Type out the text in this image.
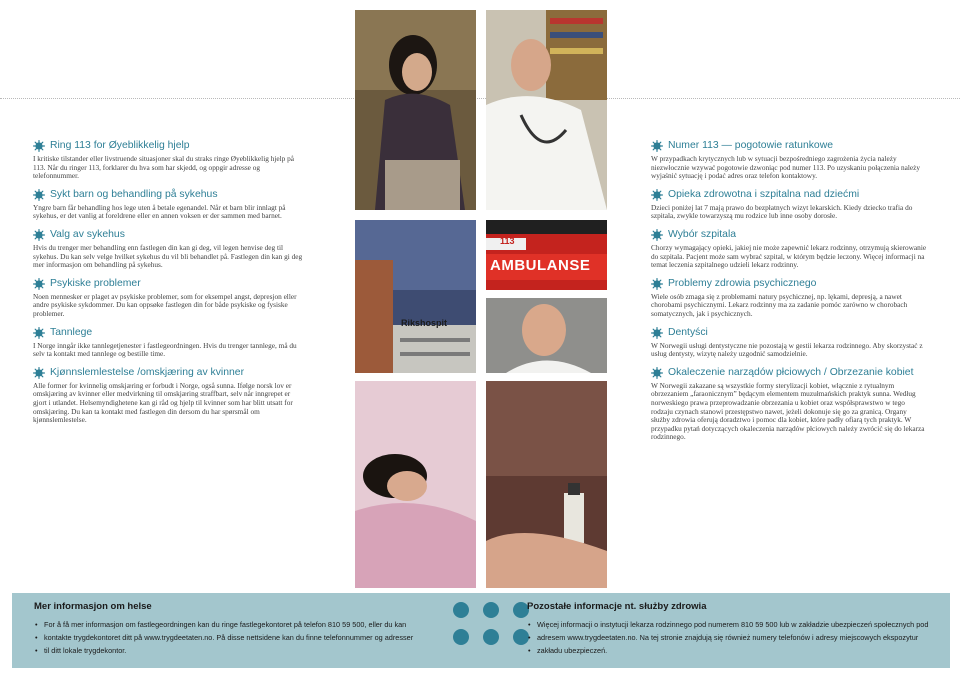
Ring 113 for Øyeblikkelig hjelp

I kritiske tilstander eller livstruende situasjoner skal du straks ringe Øyeblikkelig hjelp på 113. Når du ringer 113, forklarer du hva som har skjedd, og oppgir adresse og telefonnummer.

Sykt barn og behandling på sykehus

Yngre barn får behandling hos lege uten å betale egenandel. Når et barn blir innlagt på sykehus, er det vanlig at foreldrene eller en annen voksen er der sammen med barnet.

Valg av sykehus

Hvis du trenger mer behandling enn fastlegen din kan gi deg, vil legen henvise deg til sykehus. Du kan selv velge hvilket sykehus du vil bli behandlet på. Fastlegen din kan gi deg mer informasjon om behandling på sykehus.

Psykiske problemer

Noen mennesker er plaget av psykiske problemer, som for eksempel angst, depresjon eller andre psykiske sykdommer. Du kan oppsøke fastlegen din for både psykiske og fysiske problemer.

Tannlege

I Norge inngår ikke tannlegetjenester i fastlegeordningen. Hvis du trenger tannlege, må du selv ta kontakt med tannlege og bestille time.

Kjønnslemlestelse /omskjæring av kvinner

Alle former for kvinnelig omskjæring er forbudt i Norge, også sunna. Ifølge norsk lov er omskjæring av kvinner eller medvirkning til omskjæring straffbart, selv når inngrepet er gjort i utlandet. Helsemyndighetene kan gi råd og hjelp til kvinner som har blitt utsatt for omskjæring. Du kan ta kontakt med fastlegen din dersom du har spørsmål om kjønnslemlestelse.

Numer 113 — pogotowie ratunkowe

W przypadkach krytycznych lub w sytuacji bezpośredniego zagrożenia życia należy niezwłocznie wzywać pogotowie dzwoniąc pod numer 113. Po uzyskaniu połączenia należy wyjaśnić sytuację i podać adres oraz telefon kontaktowy.

Opieka zdrowotna i szpitalna nad dziećmi

Dzieci poniżej lat 7 mają prawo do bezpłatnych wizyt lekarskich. Kiedy dziecko trafia do szpitala, zwykle towarzyszą mu rodzice lub inne osoby dorosłe.

Wybór szpitala

Chorzy wymagający opieki, jakiej nie może zapewnić lekarz rodzinny, otrzymują skierowanie do szpitala. Pacjent może sam wybrać szpital, w którym będzie leczony. Więcej informacji na temat leczenia szpitalnego udzieli lekarz rodzinny.

Problemy zdrowia psychicznego

Wiele osób zmaga się z problemami natury psychicznej, np. lękami, depresją, a nawet chorobami psychicznymi. Lekarz rodzinny ma za zadanie pomóc zarówno w chorobach somatycznych, jak i psychicznych.

Dentyści

W Norwegii usługi dentystyczne nie pozostają w gestii lekarza rodzinnego. Aby skorzystać z usług dentysty, wizytę należy uzgodnić samodzielnie.

Okaleczenie narządów płciowych / Obrzezanie kobiet

W Norwegii zakazane są wszystkie formy sterylizacji kobiet, włącznie z rytualnym obrzezaniem „faraonicznym” będącym elementem muzułmańskich praktyk sunna. Według norweskiego prawa przeprowadzanie obrzezania u kobiet oraz współsprawstwo w tego rodzaju czynach stanowi przestępstwo nawet, jeżeli dokonuje się go za granicą. Organy służby zdrowia oferują doradztwo i pomoc dla kobiet, które padły ofiarą tych praktyk. W przypadku pytań dotyczących okaleczenia narządów płciowych należy zwrócić się do lekarza rodzinnego.

Rikshospit
113
AMBULANSE
Mer informasjon om helse
• For å få mer informasjon om fastlegeordningen kan du ringe fastlegekontoret på telefon 810 59 500, eller du kan
• kontakte trygdekontoret ditt på www.trygdeetaten.no. På disse nettsidene kan du finne telefonnummer og adresser
• til ditt lokale trygdekontor.
Pozostałe informacje nt. służby zdrowia
• Więcej informacji o instytucji lekarza rodzinnego pod numerem 810 59 500 lub w zakładzie ubezpieczeń społecznych pod
• adresem www.trygdeetaten.no. Na tej stronie znajdują się również numery telefonów i adresy miejscowych ekspozytur
• zakładu ubezpieczeń.
